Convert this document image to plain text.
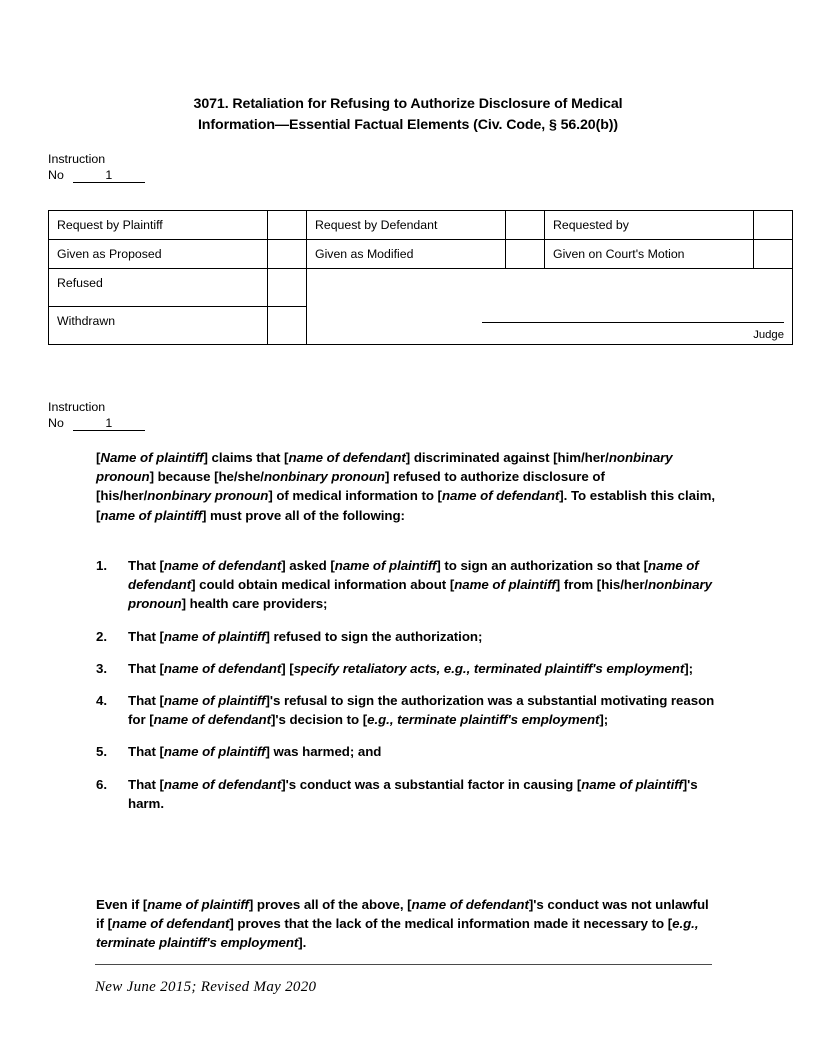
3071. Retaliation for Refusing to Authorize Disclosure of Medical
Information—Essential Factual Elements (Civ. Code, § 56.20(b))
Instruction
No	1
Request by Plaintiff		Request by Defendant		Requested by	
Given as Proposed		Given as Modified		Given on Court's Motion	
Refused		Judge			

Withdrawn					
Instruction
No	1
[Name of plaintiff] claims that [name of defendant] discriminated against [him/her/nonbinary pronoun] because [he/she/nonbinary pronoun] refused to authorize disclosure of [his/her/nonbinary pronoun] of medical information to [name of defendant]. To establish this claim, [name of plaintiff] must prove all of the following:
1.	That [name of defendant] asked [name of plaintiff] to sign an authorization so that [name of defendant] could obtain medical information about [name of plaintiff] from [his/her/nonbinary pronoun] health care providers;
2.	That [name of plaintiff] refused to sign the authorization;
3.	That [name of defendant] [specify retaliatory acts, e.g., terminated plaintiff's employment];
4.	That [name of plaintiff]'s refusal to sign the authorization was a substantial motivating reason for [name of defendant]'s decision to [e.g., terminate plaintiff's employment];
5.	That [name of plaintiff] was harmed; and
6.	That [name of defendant]'s conduct was a substantial factor in causing [name of plaintiff]'s harm.
Even if [name of plaintiff] proves all of the above, [name of defendant]'s conduct was not unlawful if [name of defendant] proves that the lack of the medical information made it necessary to [e.g., terminate plaintiff's employment].
New June 2015; Revised May 2020
